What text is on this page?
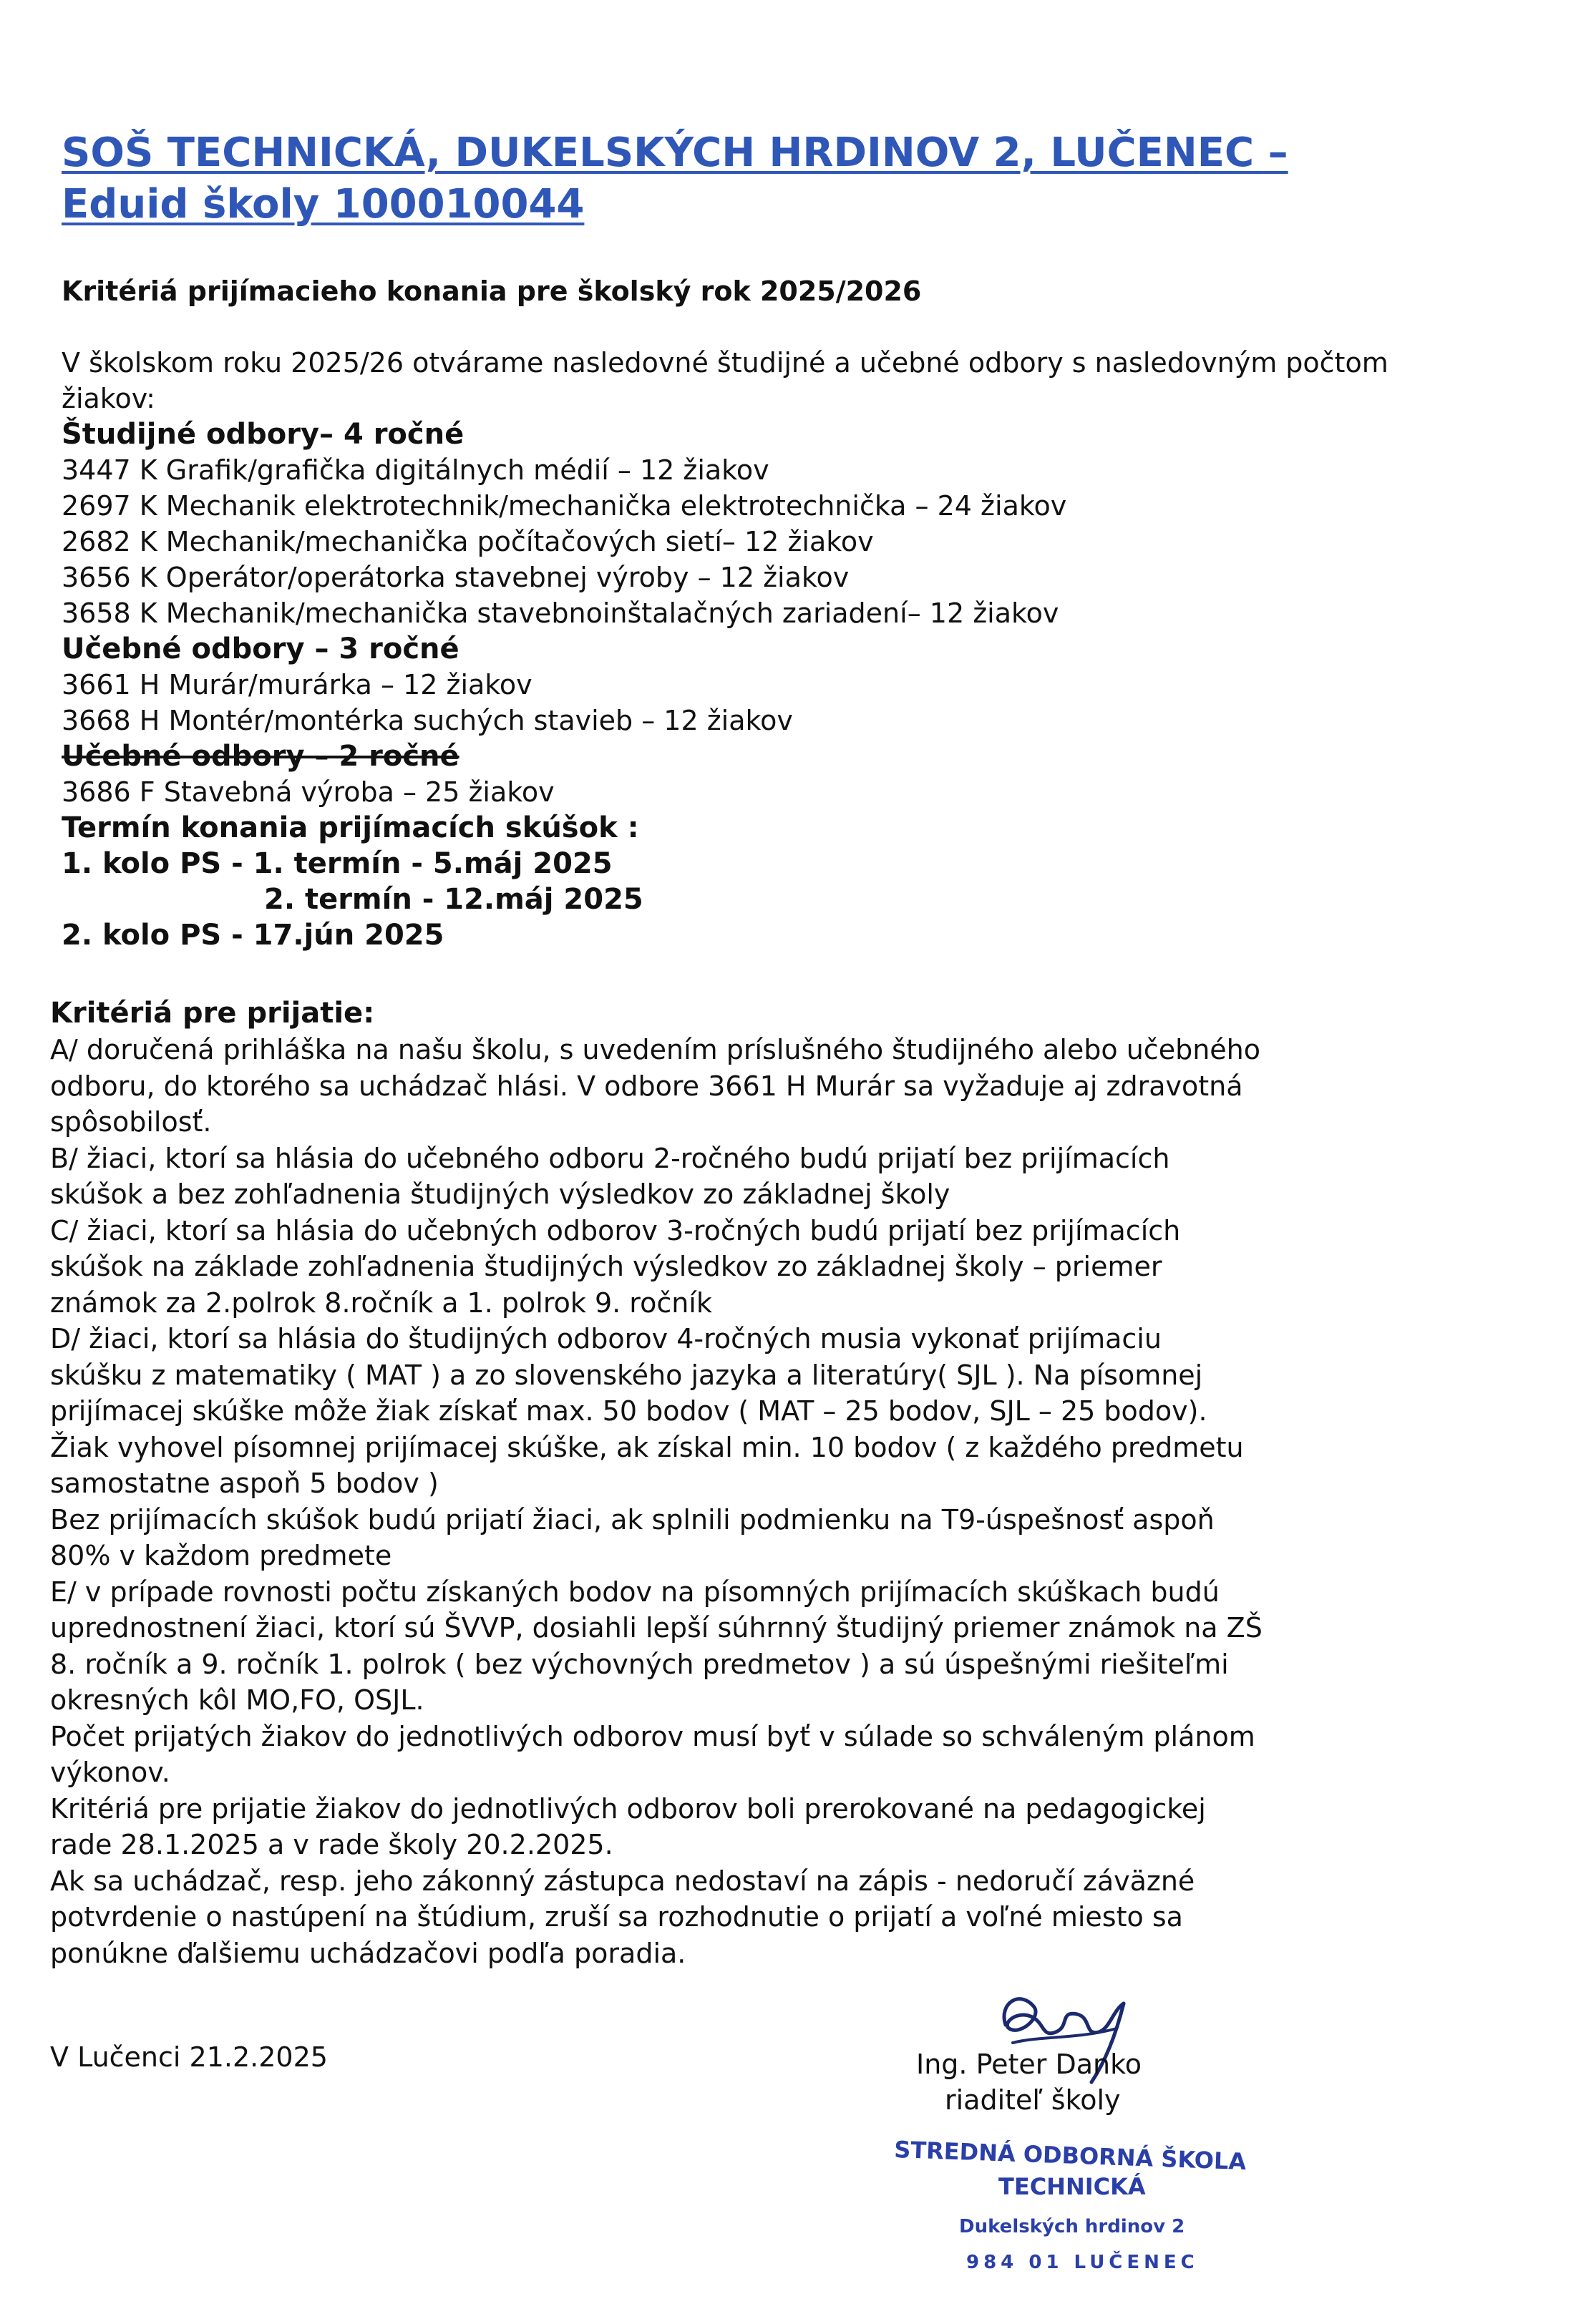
SOŠ TECHNICKÁ, DUKELSKÝCH HRDINOV 2, LUČENEC –
Eduid školy 100010044
Kritériá prijímacieho konania pre školský rok 2025/2026
V školskom roku 2025/26 otvárame nasledovné študijné a učebné odbory s nasledovným počtom žiakov:
Študijné odbory– 4 ročné
3447 K Grafik/grafička digitálnych médií – 12 žiakov
2697 K Mechanik elektrotechnik/mechanička elektrotechnička – 24 žiakov
2682 K Mechanik/mechanička počítačových sietí– 12 žiakov
3656 K Operátor/operátorka stavebnej výroby – 12 žiakov
3658 K Mechanik/mechanička stavebnoinštalačných zariadení– 12 žiakov
Učebné odbory – 3 ročné
3661 H Murár/murárka – 12 žiakov
3668 H Montér/montérka suchých stavieb – 12 žiakov
Učebné odbory – 2 ročné
3686 F Stavebná výroba – 25 žiakov
Termín konania prijímacích skúšok :
1. kolo PS - 1. termín - 5.máj 2025
2. termín - 12.máj 2025
2. kolo PS - 17.jún 2025
Kritériá pre prijatie:
A/ doručená prihláška na našu školu, s uvedením príslušného študijného alebo učebného
odboru, do ktorého sa uchádzač hlási. V odbore 3661 H Murár sa vyžaduje aj zdravotná
spôsobilosť.
B/ žiaci, ktorí sa hlásia do učebného odboru 2-ročného budú prijatí bez prijímacích
skúšok a bez zohľadnenia študijných výsledkov zo základnej školy
C/ žiaci, ktorí sa hlásia do učebných odborov 3-ročných budú prijatí bez prijímacích
skúšok na základe zohľadnenia študijných výsledkov zo základnej školy – priemer
známok za 2.polrok 8.ročník a 1. polrok 9. ročník
D/ žiaci, ktorí sa hlásia do študijných odborov 4-ročných musia vykonať prijímaciu
skúšku z matematiky ( MAT ) a zo slovenského jazyka a literatúry( SJL ). Na písomnej
prijímacej skúške môže žiak získať max. 50 bodov ( MAT – 25 bodov, SJL – 25 bodov).
Žiak vyhovel písomnej prijímacej skúške, ak získal min. 10 bodov ( z každého predmetu
samostatne aspoň 5 bodov )
Bez prijímacích skúšok budú prijatí žiaci, ak splnili podmienku na T9-úspešnosť aspoň
80% v každom predmete
E/ v prípade rovnosti počtu získaných bodov na písomných prijímacích skúškach budú
uprednostnení žiaci, ktorí sú ŠVVP, dosiahli lepší súhrnný študijný priemer známok na ZŠ
8. ročník a 9. ročník 1. polrok ( bez výchovných predmetov ) a sú úspešnými riešiteľmi
okresných kôl MO,FO, OSJL.
Počet prijatých žiakov do jednotlivých odborov musí byť v súlade so schváleným plánom
výkonov.
Kritériá pre prijatie žiakov do jednotlivých odborov boli prerokované na pedagogickej
rade 28.1.2025 a v rade školy 20.2.2025.
Ak sa uchádzač, resp. jeho zákonný zástupca nedostaví na zápis - nedoručí záväzné
potvrdenie o nastúpení na štúdium, zruší sa rozhodnutie o prijatí a voľné miesto sa
ponúkne ďalšiemu uchádzačovi podľa poradia.
V Lučenci 21.2.2025	Ing. Peter Danko
riaditeľ školy
STREDNÁ ODBORNÁ ŠKOLA
TECHNICKÁ
Dukelských hrdinov 2
984 01 LUČENEC
